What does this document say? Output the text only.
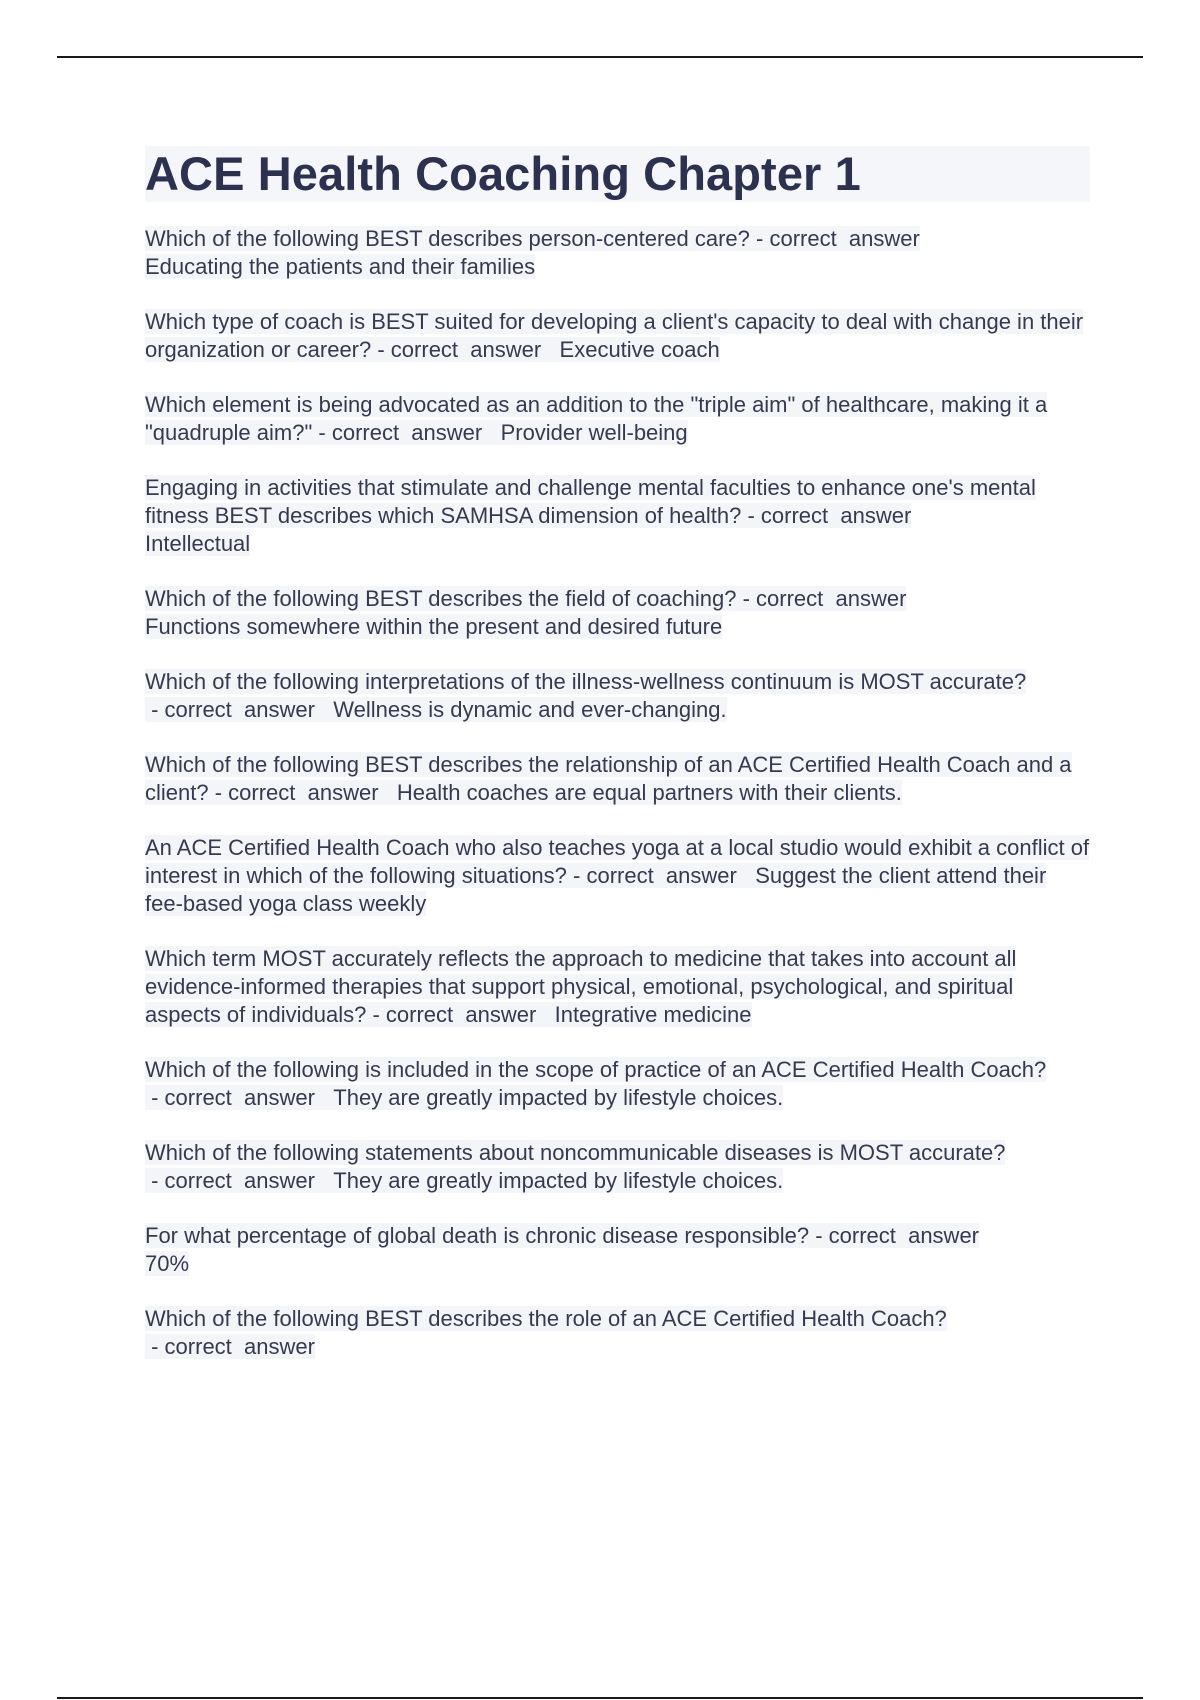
ACE Health Coaching Chapter 1

Which of the following BEST describes person-centered care? - correct  answer
Educating the patients and their families

Which type of coach is BEST suited for developing a client's capacity to deal with change in their organization or career? - correct  answer Executive coach

Which element is being advocated as an addition to the "triple aim" of healthcare, making it a "quadruple aim?" - correct  answer Provider well-being

Engaging in activities that stimulate and challenge mental faculties to enhance one's mental fitness BEST describes which SAMHSA dimension of health? - correct  answer
Intellectual

Which of the following BEST describes the field of coaching? - correct  answer
Functions somewhere within the present and desired future

Which of the following interpretations of the illness-wellness continuum is MOST accurate? - correct  answer Wellness is dynamic and ever-changing.

Which of the following BEST describes the relationship of an ACE Certified Health Coach and a client? - correct  answer Health coaches are equal partners with their clients.

An ACE Certified Health Coach who also teaches yoga at a local studio would exhibit a conflict of interest in which of the following situations? - correct  answer Suggest the client attend their fee-based yoga class weekly

Which term MOST accurately reflects the approach to medicine that takes into account all evidence-informed therapies that support physical, emotional, psychological, and spiritual aspects of individuals? - correct  answer Integrative medicine

Which of the following is included in the scope of practice of an ACE Certified Health Coach? - correct  answer They are greatly impacted by lifestyle choices.

Which of the following statements about noncommunicable diseases is MOST accurate? - correct  answer They are greatly impacted by lifestyle choices.

For what percentage of global death is chronic disease responsible? - correct  answer
70%

Which of the following BEST describes the role of an ACE Certified Health Coach? - correct  answer
